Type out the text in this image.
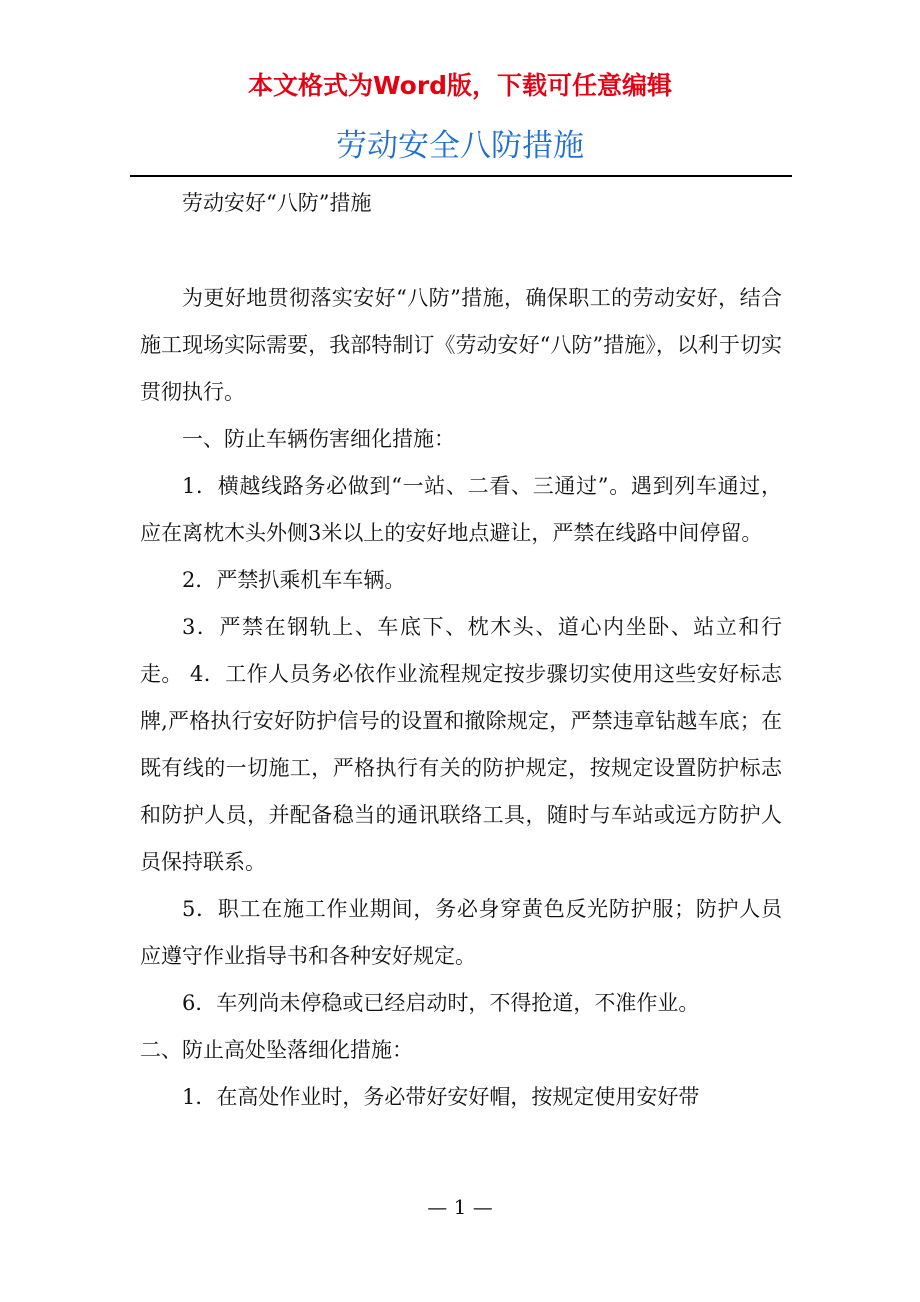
本文格式为Word版，下载可任意编辑
劳动安全八防措施

劳动安好“八防”措施

为更好地贯彻落实安好“八防”措施，确保职工的劳动安好，结合施工现场实际需要，我部特制订《劳动安好“八防”措施》，以利于切实贯彻执行。

一、防止车辆伤害细化措施：

1．横越线路务必做到“一站、二看、三通过”。遇到列车通过，应在离枕木头外侧3米以上的安好地点避让，严禁在线路中间停留。

2．严禁扒乘机车车辆。

3．严禁在钢轨上、车底下、枕木头、道心内坐卧、站立和行走。 4．工作人员务必依作业流程规定按步骤切实使用这些安好标志牌,严格执行安好防护信号的设置和撤除规定，严禁违章钻越车底；在既有线的一切施工，严格执行有关的防护规定，按规定设置防护标志和防护人员，并配备稳当的通讯联络工具，随时与车站或远方防护人员保持联系。

5．职工在施工作业期间，务必身穿黄色反光防护服；防护人员应遵守作业指导书和各种安好规定。

6．车列尚未停稳或已经启动时，不得抢道，不准作业。

二、防止高处坠落细化措施：

1．在高处作业时，务必带好安好帽，按规定使用安好带

— 1 —
